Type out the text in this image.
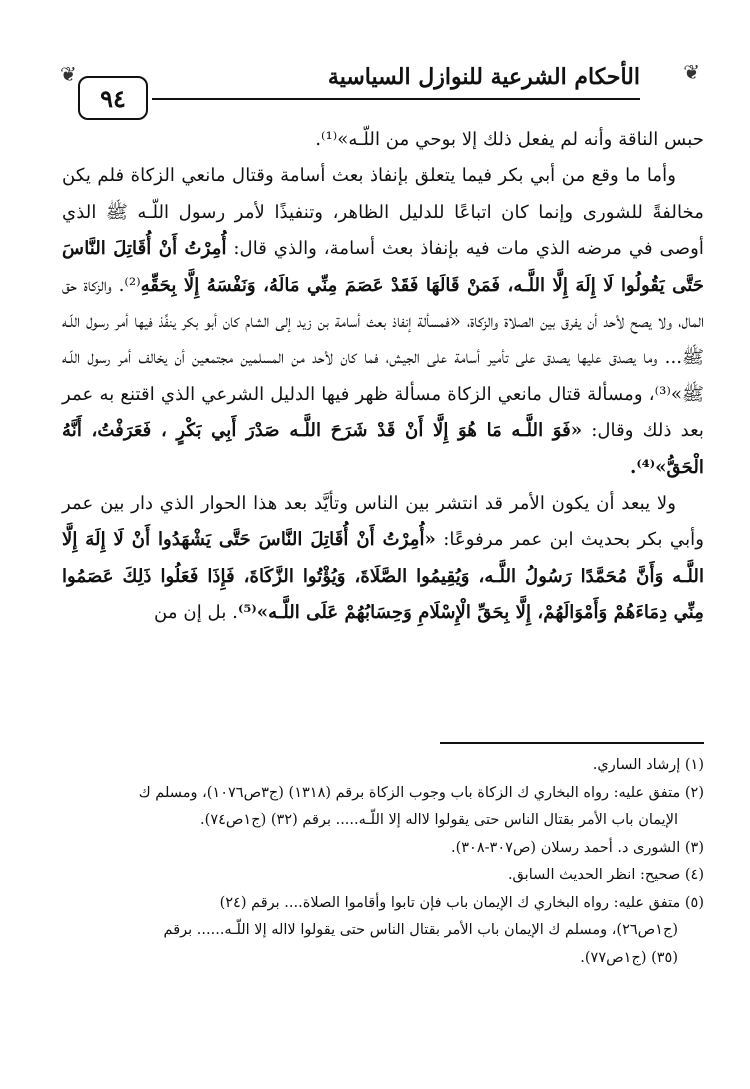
❦
٩٤
الأحكام الشرعية للنوازل السياسية	❦

حبس الناقة وأنه لم يفعل ذلك إلا بوحي من اللّـه»⁽¹⁾.

وأما ما وقع من أبي بكر فيما يتعلق بإنفاذ بعث أسامة وقتال مانعي الزكاة فلم يكن مخالفةً للشورى وإنما كان اتباعًا للدليل الظاهر، وتنفيذًا لأمر رسول اللّـه ﷺ الذي أوصى في مرضه الذي مات فيه بإنفاذ بعث أسامة، والذي قال: أُمِرْتُ أَنْ أُقَاتِلَ النَّاسَ حَتَّى يَقُولُوا لَا إِلَهَ إِلَّا اللَّـه، فَمَنْ قَالَهَا فَقَدْ عَصَمَ مِنِّي مَالَهُ، وَنَفْسَهُ إِلَّا بِحَقِّهِ⁽²⁾. والزكاة حق المال، ولا يصح لأحد أن يفرق بين الصلاة والزكاة، «فمسألة إنفاذ بعث أسامة بن زيد إلى الشام كان أبو بكر ينفِّذ فيها أمر رسول اللّـه ﷺ... وما يصدق عليها يصدق على تأمير أسامة على الجيش، فما كان لأحد من المسلمين مجتمعين أن يخالف أمر رسول اللّـه ﷺ»⁽³⁾، ومسألة قتال مانعي الزكاة مسألة ظهر فيها الدليل الشرعي الذي اقتنع به عمر بعد ذلك وقال: «فَوَ اللَّـه مَا هُوَ إِلَّا أَنْ قَدْ شَرَحَ اللَّـه صَدْرَ أَبِي بَكْرٍ ، فَعَرَفْتُ، أَنَّهُ الْحَقُّ»⁽⁴⁾.

ولا يبعد أن يكون الأمر قد انتشر بين الناس وتأيَّد بعد هذا الحوار الذي دار بين عمر وأبي بكر بحديث ابن عمر مرفوعًا: «أُمِرْتُ أَنْ أُقَاتِلَ النَّاسَ حَتَّى يَشْهَدُوا أَنْ لَا إِلَهَ إِلَّا اللَّـه وَأَنَّ مُحَمَّدًا رَسُولُ اللَّـه، وَيُقِيمُوا الصَّلَاةَ، وَيُؤْتُوا الزَّكَاةَ، فَإِذَا فَعَلُوا ذَلِكَ عَصَمُوا مِنِّي دِمَاءَهُمْ وَأَمْوَالَهُمْ، إِلَّا بِحَقِّ الْإِسْلَامِ وَحِسَابُهُمْ عَلَى اللَّـه»⁽⁵⁾. بل إن من

(١) إرشاد الساري.

(٢) متفق عليه: رواه البخاري ك الزكاة باب وجوب الزكاة برقم (١٣١٨) (ج٣ص١٠٧٦)، ومسلم ك

الإيمان باب الأمر بقتال الناس حتى يقولوا لااله إلا اللّـه..... برقم (٣٢) (ج١ص٧٤).

(٣) الشورى د. أحمد رسلان (ص٣٠٧-٣٠٨).

(٤) صحيح: انظر الحديث السابق.

(٥) متفق عليه: رواه البخاري ك الإيمان باب فإن تابوا وأقاموا الصلاة.... برقم (٢٤)

(ج١ص٢٦)، ومسلم ك الإيمان باب الأمر بقتال الناس حتى يقولوا لااله إلا اللّـه...... برقم

(٣٥) (ج١ص٧٧).
